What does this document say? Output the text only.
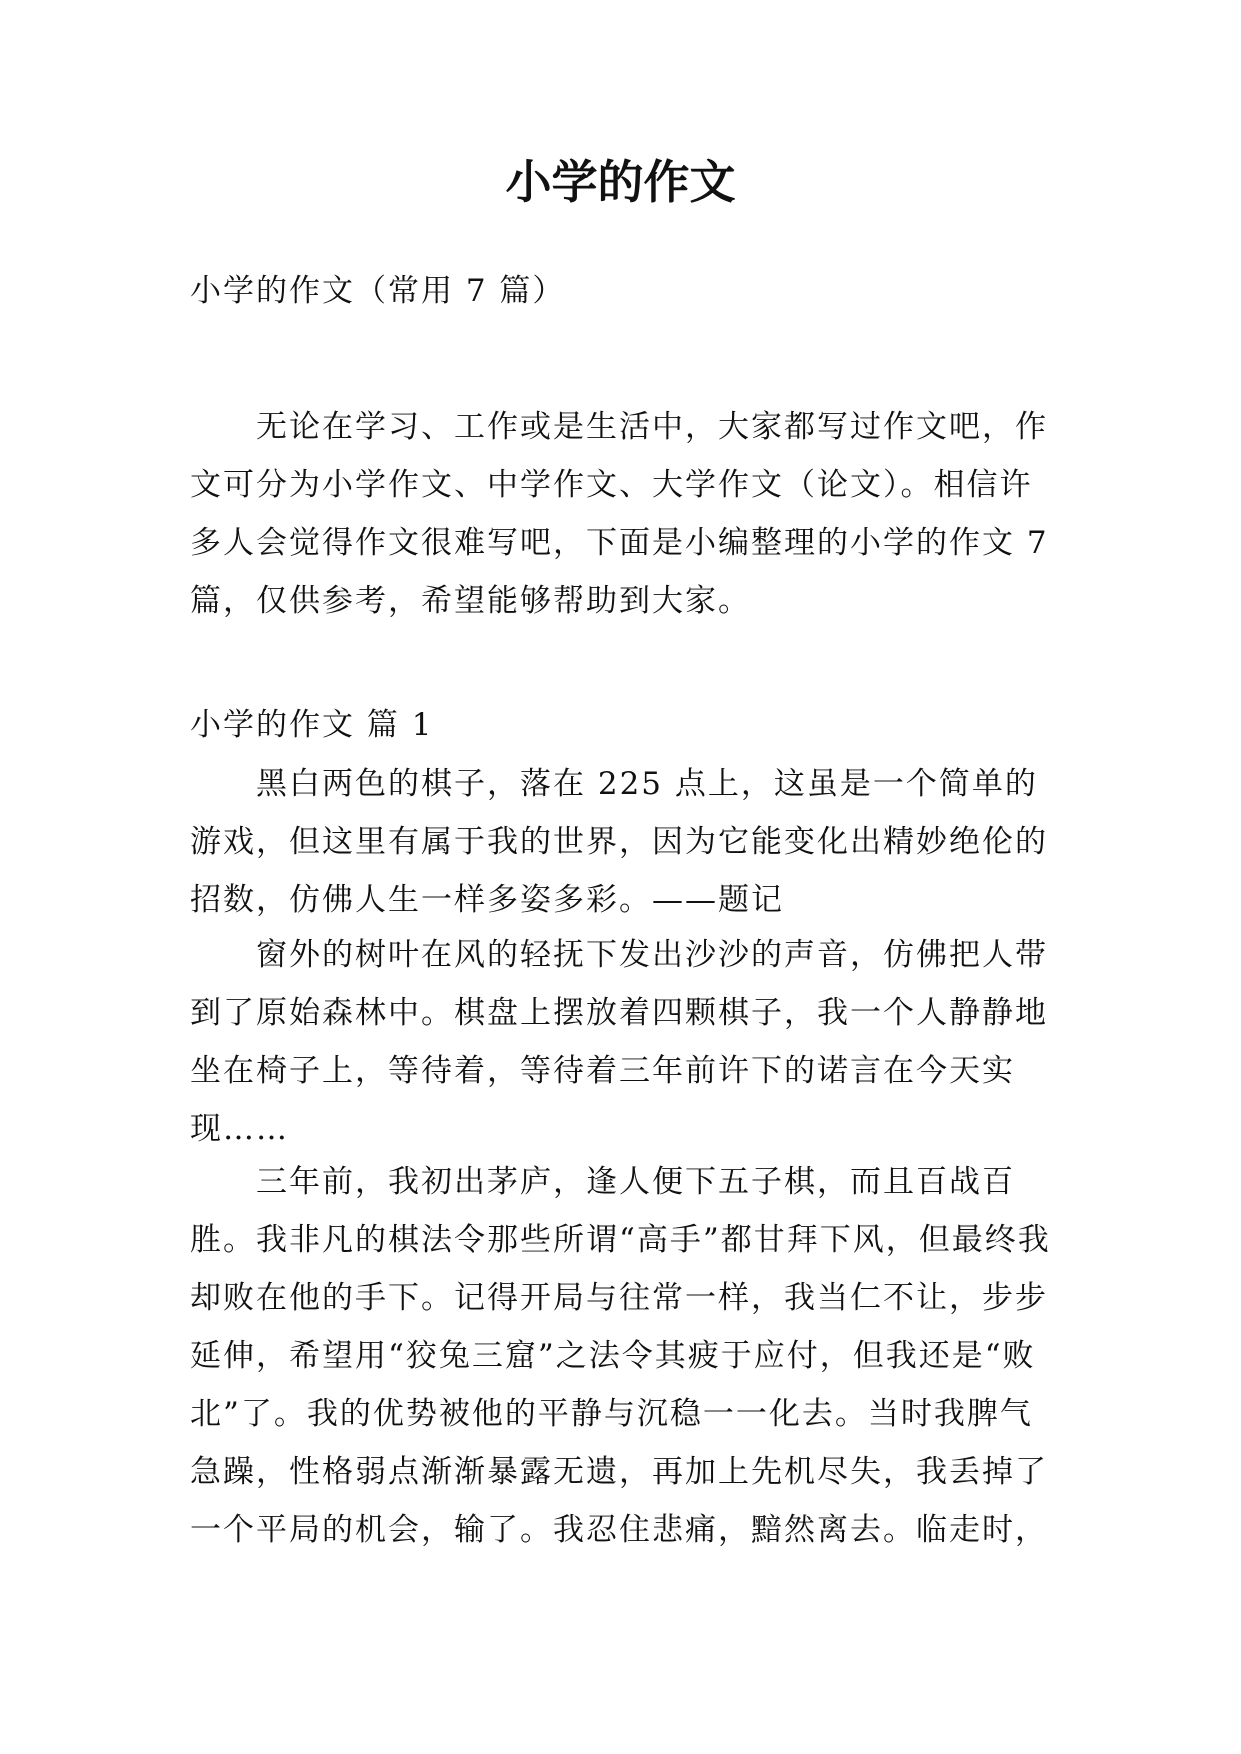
小学的作文

小学的作文（常用 7 篇）

无论在学习、工作或是生活中，大家都写过作文吧，作文可分为小学作文、中学作文、大学作文（论文）。相信许多人会觉得作文很难写吧，下面是小编整理的小学的作文 7 篇，仅供参考，希望能够帮助到大家。

小学的作文 篇 1

黑白两色的棋子，落在 225 点上，这虽是一个简单的游戏，但这里有属于我的世界，因为它能变化出精妙绝伦的招数，仿佛人生一样多姿多彩。——题记

窗外的树叶在风的轻抚下发出沙沙的声音，仿佛把人带到了原始森林中。棋盘上摆放着四颗棋子，我一个人静静地坐在椅子上，等待着，等待着三年前许下的诺言在今天实现……

三年前，我初出茅庐，逢人便下五子棋，而且百战百胜。我非凡的棋法令那些所谓“高手”都甘拜下风，但最终我却败在他的手下。记得开局与往常一样，我当仁不让，步步延伸，希望用“狡兔三窟”之法令其疲于应付，但我还是“败北”了。我的优势被他的平静与沉稳一一化去。当时我脾气急躁，性格弱点渐渐暴露无遗，再加上先机尽失，我丢掉了一个平局的机会，输了。我忍住悲痛，黯然离去。临走时，
